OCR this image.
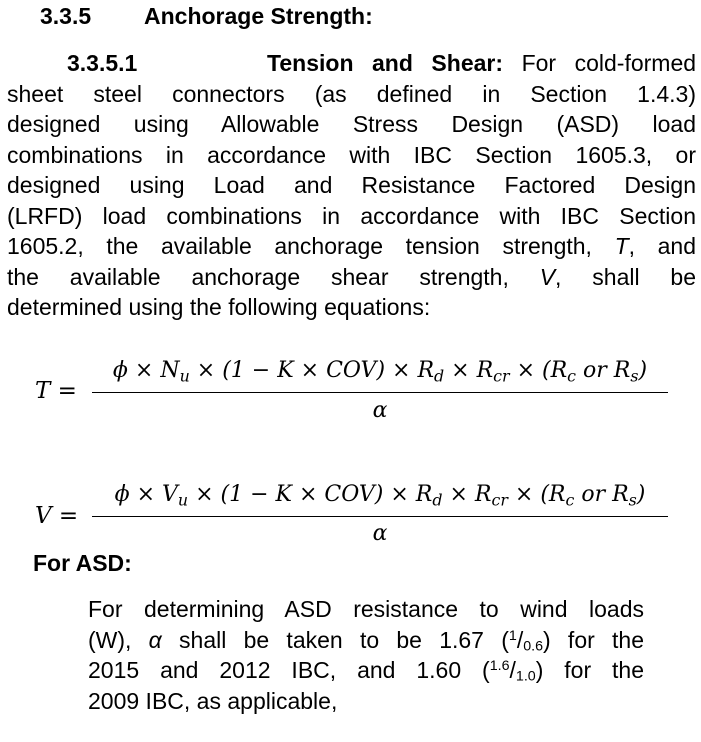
3.3.5 Anchorage Strength:
3.3.5.1	Tension and Shear: For cold-formed
sheet steel connectors (as defined in Section 1.4.3)
designed using Allowable Stress Design (ASD) load
combinations in accordance with IBC Section 1605.3, or
designed using Load and Resistance Factored Design
(LRFD) load combinations in accordance with IBC Section
1605.2, the available anchorage tension strength, T, and
the available anchorage shear strength, V, shall be
determined using the following equations:
T =
$\phi \times N_u \times (1 - K \times COV) \times R_d \times R_{cr} \times (R_c$ or $R_s$)
α
V =
$\phi \times V_u \times (1 - K \times COV) \times R_d \times R_{cr} \times (R_c$ or $R_s$)
α
For ASD:
For determining ASD resistance to wind loads
(W), α shall be taken to be 1.67 ($^1$/0.6) for the
2015 and 2012 IBC, and 1.60 ($^{1.6}$/1.0) for the
2009 IBC, as applicable,
